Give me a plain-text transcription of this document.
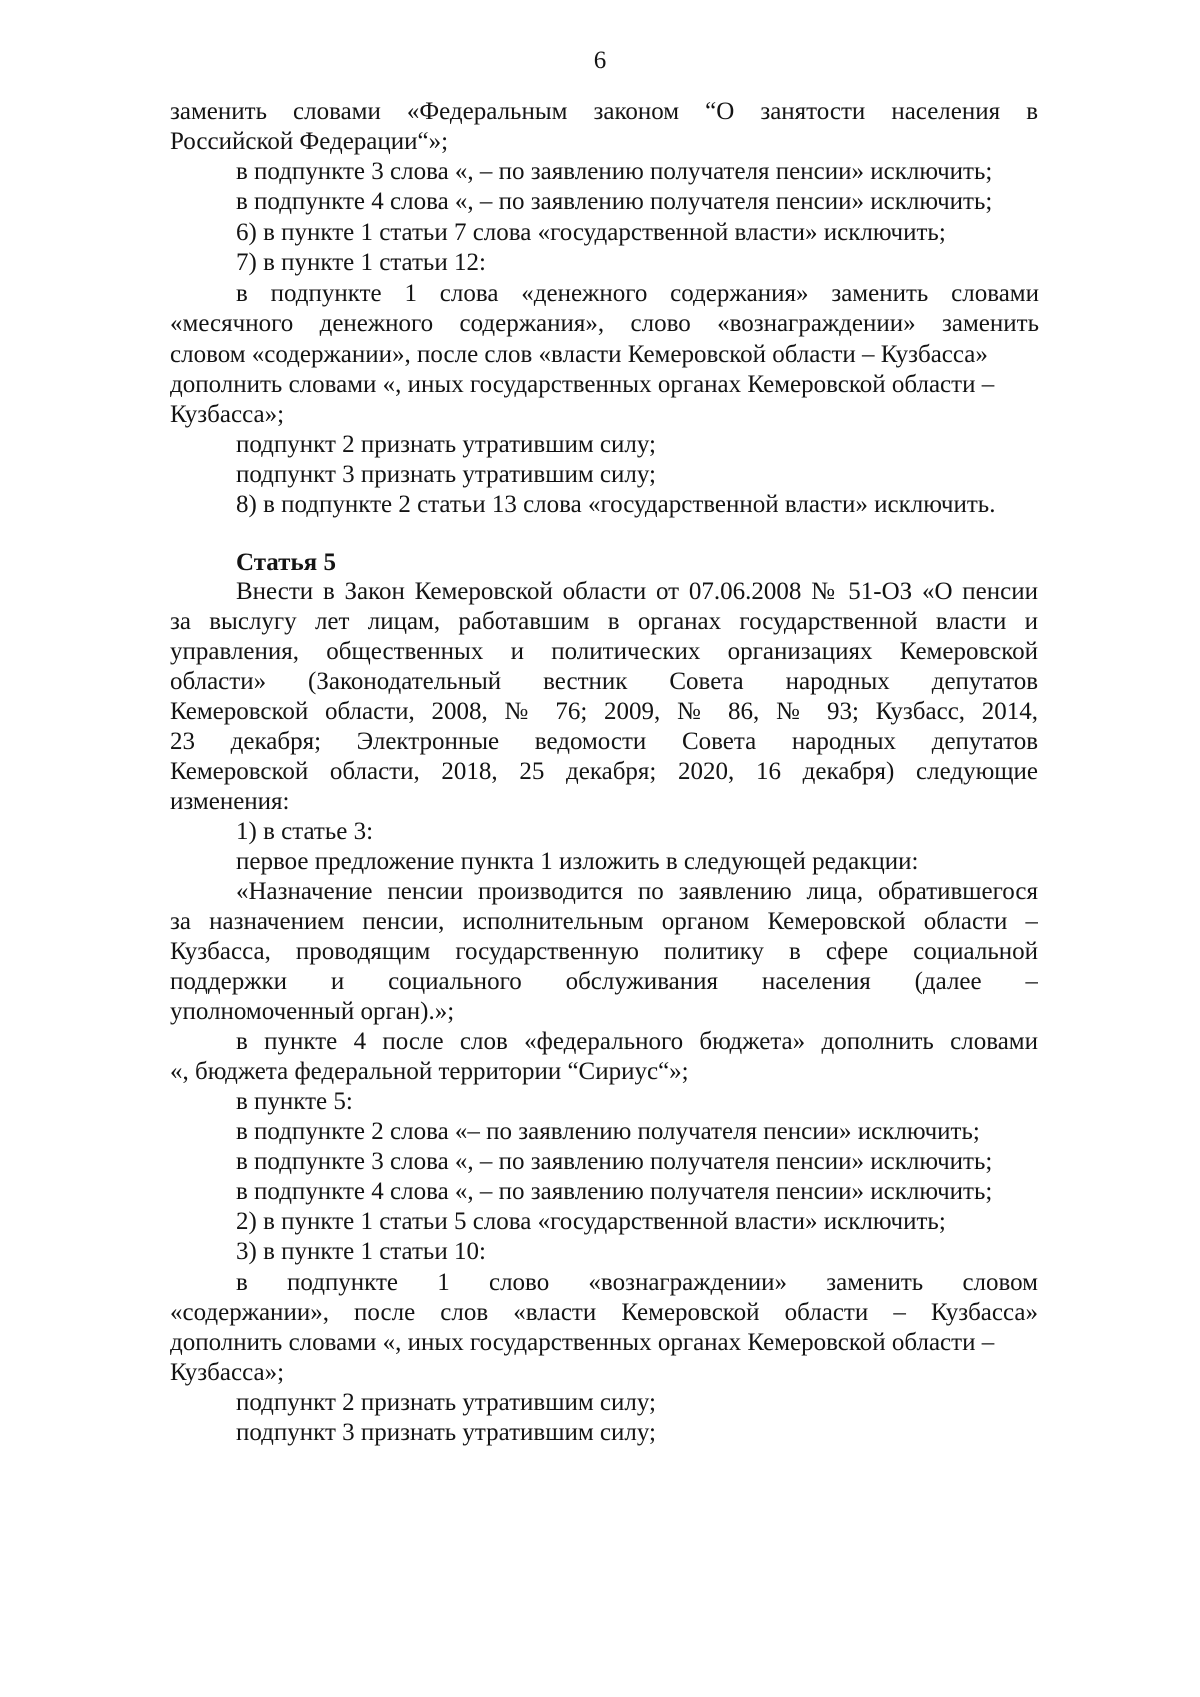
6
заменить словами «Федеральным законом “О занятости населения в
Российской Федерации“»;
в подпункте 3 слова «, – по заявлению получателя пенсии» исключить;
в подпункте 4 слова «, – по заявлению получателя пенсии» исключить;
6) в пункте 1 статьи 7 слова «государственной власти» исключить;
7) в пункте 1 статьи 12:
в подпункте 1 слова «денежного содержания» заменить словами
«месячного денежного содержания», слово «вознаграждении» заменить
словом «содержании», после слов «власти Кемеровской области – Кузбасса»
дополнить словами «, иных государственных органах Кемеровской области –
Кузбасса»;
подпункт 2 признать утратившим силу;
подпункт 3 признать утратившим силу;
8) в подпункте 2 статьи 13 слова «государственной власти» исключить.
Статья 5
Внести в Закон Кемеровской области от 07.06.2008 № 51-ОЗ «О пенсии
за выслугу лет лицам, работавшим в органах государственной власти и
управления, общественных и политических организациях Кемеровской
области» (Законодательный вестник Совета народных депутатов
Кемеровской области, 2008, № 76; 2009, № 86, № 93; Кузбасс, 2014,
23 декабря; Электронные ведомости Совета народных депутатов
Кемеровской области, 2018, 25 декабря; 2020, 16 декабря) следующие
изменения:
1) в статье 3:
первое предложение пункта 1 изложить в следующей редакции:
«Назначение пенсии производится по заявлению лица, обратившегося
за назначением пенсии, исполнительным органом Кемеровской области –
Кузбасса, проводящим государственную политику в сфере социальной
поддержки и социального обслуживания населения (далее –
уполномоченный орган).»;
в пункте 4 после слов «федерального бюджета» дополнить словами
«, бюджета федеральной территории “Сириус“»;
в пункте 5:
в подпункте 2 слова «– по заявлению получателя пенсии» исключить;
в подпункте 3 слова «, – по заявлению получателя пенсии» исключить;
в подпункте 4 слова «, – по заявлению получателя пенсии» исключить;
2) в пункте 1 статьи 5 слова «государственной власти» исключить;
3) в пункте 1 статьи 10:
в подпункте 1 слово «вознаграждении» заменить словом
«содержании», после слов «власти Кемеровской области – Кузбасса»
дополнить словами «, иных государственных органах Кемеровской области –
Кузбасса»;
подпункт 2 признать утратившим силу;
подпункт 3 признать утратившим силу;
